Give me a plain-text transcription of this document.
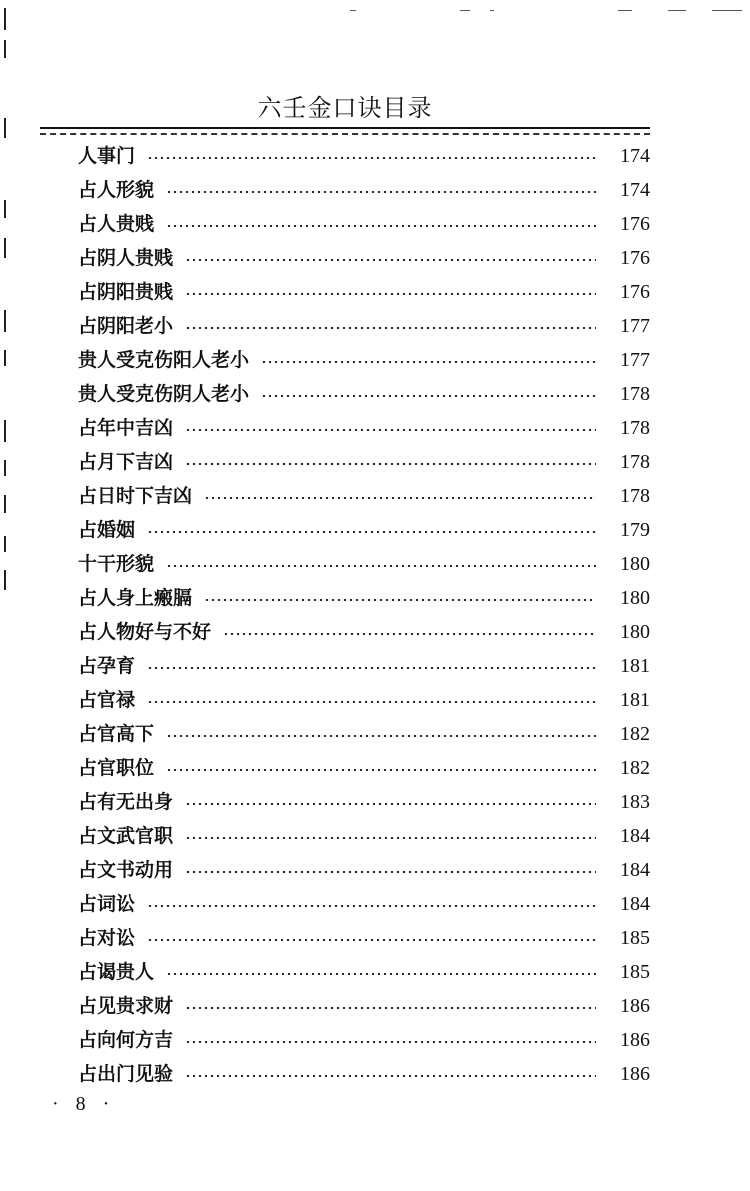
六壬金口诀目录
人事门	174
占人形貌	174
占人贵贱	176
占阴人贵贱	176
占阴阳贵贱	176
占阴阳老小	177
贵人受克伤阳人老小	177
贵人受克伤阴人老小	178
占年中吉凶	178
占月下吉凶	178
占日时下吉凶	178
占婚姻	179
十干形貌	180
占人身上瘢膈	180
占人物好与不好	180
占孕育	181
占官禄	181
占官高下	182
占官职位	182
占有无出身	183
占文武官职	184
占文书动用	184
占词讼	184
占对讼	185
占谒贵人	185
占见贵求财	186
占向何方吉	186
占出门见验	186
· 8 ·
